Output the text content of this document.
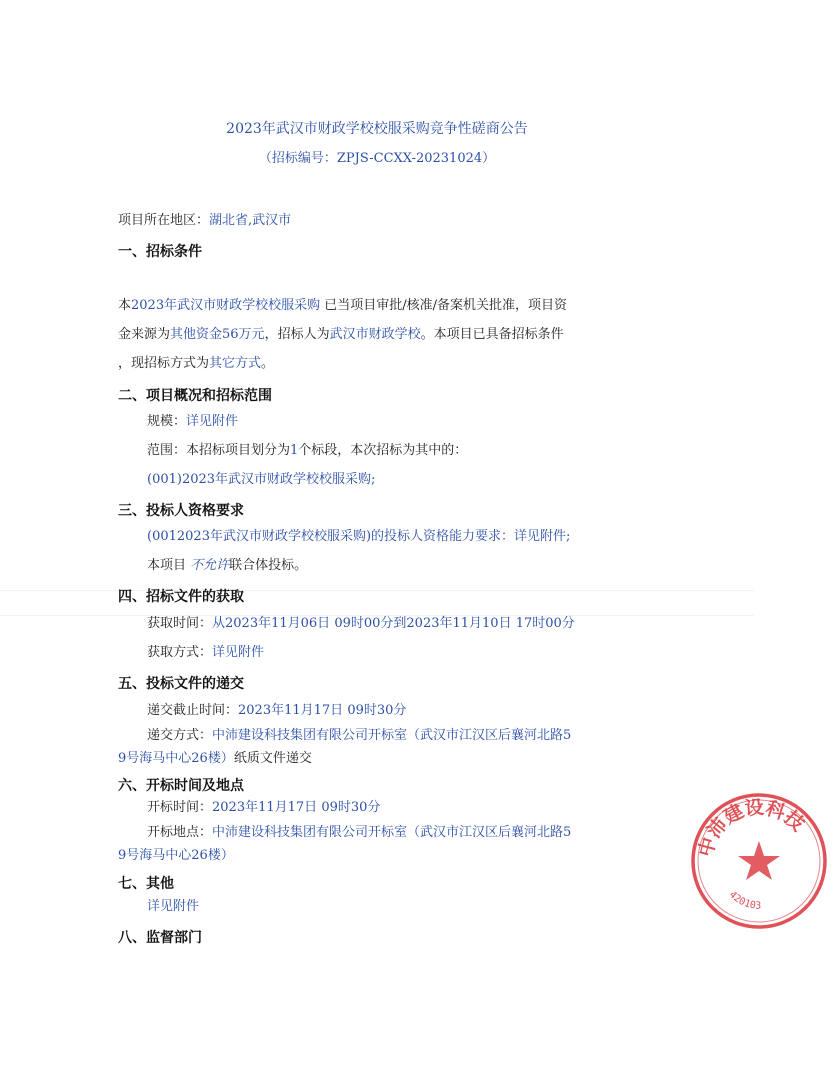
2023年武汉市财政学校校服采购竞争性磋商公告
（招标编号：ZPJS-CCXX-20231024）
项目所在地区：湖北省,武汉市
一、招标条件
本2023年武汉市财政学校校服采购 已当项目审批/核准/备案机关批准，项目资
金来源为其他资金56万元，招标人为武汉市财政学校。本项目已具备招标条件
，现招标方式为其它方式。
二、项目概况和招标范围
规模：详见附件
范围：本招标项目划分为1个标段，本次招标为其中的：
(001)2023年武汉市财政学校校服采购;
三、投标人资格要求
(0012023年武汉市财政学校校服采购)的投标人资格能力要求：详见附件;
本项目 不允许联合体投标。
四、招标文件的获取
获取时间：从2023年11月06日 09时00分到2023年11月10日 17时00分
获取方式：详见附件
五、投标文件的递交
递交截止时间：2023年11月17日 09时30分
递交方式：中沛建设科技集团有限公司开标室（武汉市江汉区后襄河北路5
9号海马中心26楼）纸质文件递交
六、开标时间及地点
开标时间：2023年11月17日 09时30分
开标地点：中沛建设科技集团有限公司开标室（武汉市江汉区后襄河北路5
9号海马中心26楼）
七、其他
详见附件
八、监督部门
中沛建设科技
420103
